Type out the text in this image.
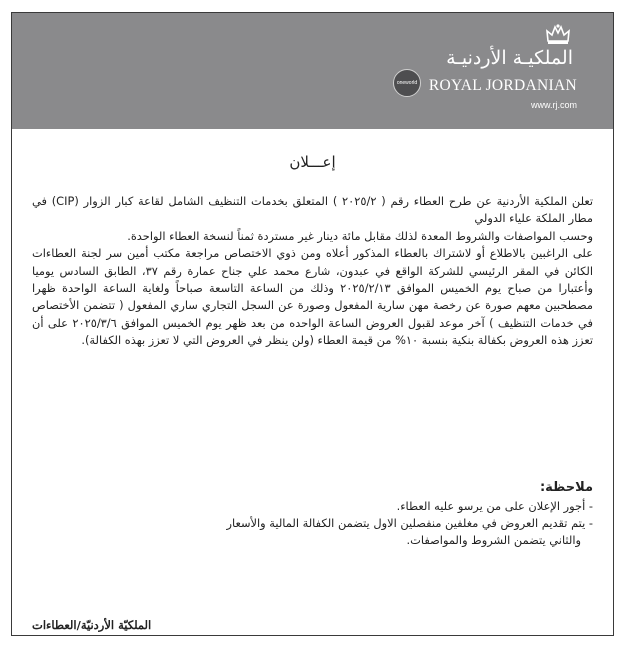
الملكيـة الأردنيـة
oneworld ROYAL JORDANIAN
www.rj.com
إعـــلان

تعلن الملكية الأردنية عن طرح العطاء رقم ( ٢٠٢٥/٢ ) المتعلق بخدمات التنظيف الشامل لقاعة كبار الزوار (CIP) في مطار الملكة علياء الدولي

وحسب المواصفات والشروط المعدة لذلك مقابل مائة دينار غير مستردة ثمناً لنسخة العطاء الواحدة.

على الراغبين بالاطلاع أو لاشتراك بالعطاء المذكور أعلاه ومن ذوي الاختصاص مراجعة مكتب أمين سر لجنة العطاءات الكائن في المقر الرئيسي للشركة الواقع في عبدون، شارع محمد علي جناح عمارة رقم ٣٧، الطابق السادس يوميا وأعتبارا من صباح يوم الخميس الموافق ٢٠٢٥/٢/١٣ وذلك من الساعة التاسعة صباحاً ولغاية الساعة الواحدة ظهرا مصطحبين معهم صورة عن رخصة مهن سارية المفعول وصورة عن السجل التجاري ساري المفعول ( تتضمن الأختصاص في خدمات التنظيف ) آخر موعد لقبول العروض الساعة الواحده من بعد ظهر يوم الخميس الموافق ٢٠٢٥/٣/٦ على أن تعزز هذه العروض بكفالة بنكية بنسبة ١٠% من قيمة العطاء (ولن ينظر في العروض التي لا تعزز بهذه الكفالة).

ملاحظة:

- أجور الإعلان على من يرسو عليه العطاء.

- يتم تقديم العروض في مغلفين منفصلين الاول يتضمن الكفالة المالية والأسعار

والثاني يتضمن الشروط والمواصفات.

الملكيّة الأردنيّة/العطاءات
